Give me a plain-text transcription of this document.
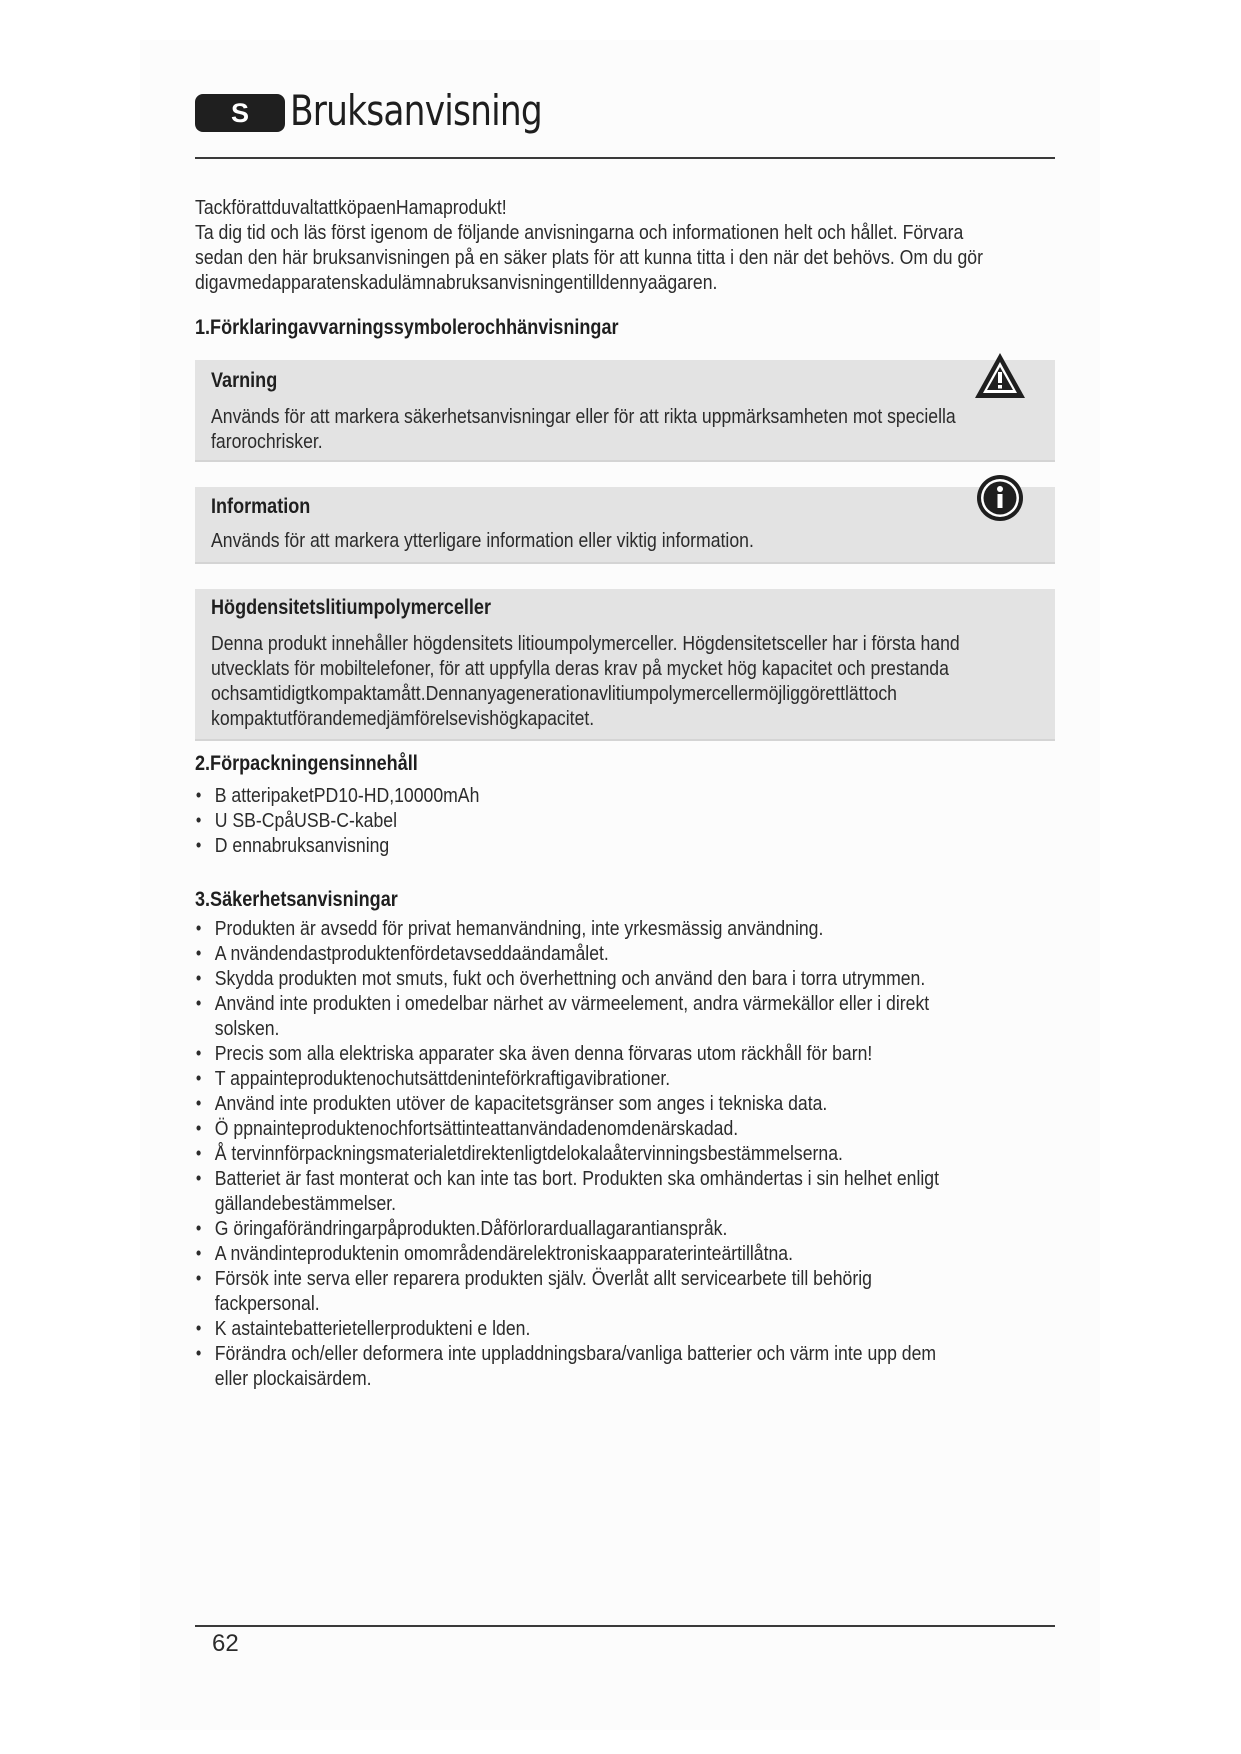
S Bruksanvisning
TackförattduvaltattköpaenHamaprodukt!
Ta dig tid och läs först igenom de följande anvisningarna och informationen helt och hållet. Förvara
sedan den här bruksanvisningen på en säker plats för att kunna titta i den när det behövs. Om du gör
digavmedapparatenskadulämnabruksanvisningentilldennyaägaren.
1.Förklaringavvarningssymbolerochhänvisningar
Varning
Används för att markera säkerhetsanvisningar eller för att rikta uppmärksamheten mot speciella
farorochrisker.
Information
Används för att markera ytterligare information eller viktig information.
Högdensitetslitiumpolymerceller
Denna produkt innehåller högdensitets litioumpolymerceller. Högdensitetsceller har i första hand
utvecklats för mobiltelefoner, för att uppfylla deras krav på mycket hög kapacitet och prestanda
ochsamtidigtkompaktamått.Dennanyagenerationavlitiumpolymercellermöjliggörettlättoch
kompaktutförandemedjämförelsevishögkapacitet.
2.Förpackningensinnehåll
• B atteripaketPD10-HD,10000mAh
• U SB-CpåUSB-C-kabel
• D ennabruksanvisning
3.Säkerhetsanvisningar
• Produkten är avsedd för privat hemanvändning, inte yrkesmässig användning.
• A nvändendastproduktenfördetavseddaändamålet.
• Skydda produkten mot smuts, fukt och överhettning och använd den bara i torra utrymmen.
• Använd inte produkten i omedelbar närhet av värmeelement, andra värmekällor eller i direkt solsken.
• Precis som alla elektriska apparater ska även denna förvaras utom räckhåll för barn!
• T appainteproduktenochutsättdeninteförkraftigavibrationer.
• Använd inte produkten utöver de kapacitetsgränser som anges i tekniska data.
• Ö ppnainteproduktenochfortsättinteattanvändadenomdenärskadad.
• Å tervinnförpackningsmaterialetdirektenligtdelokalaåtervinningsbestämmelserna.
• Batteriet är fast monterat och kan inte tas bort. Produkten ska omhändertas i sin helhet enligt gällandebestämmelser.
• G öringaförändringarpåprodukten.Dåförlorarduallagarantianspråk.
• A nvändinteproduktenin omområdendärelektroniskaapparaterinteärtillåtna.
• Försök inte serva eller reparera produkten själv. Överlåt allt servicearbete till behörig fackpersonal.
• K astaintebatterietellerprodukteni e lden.
• Förändra och/eller deformera inte uppladdningsbara/vanliga batterier och värm inte upp dem eller plockaisärdem.
62
